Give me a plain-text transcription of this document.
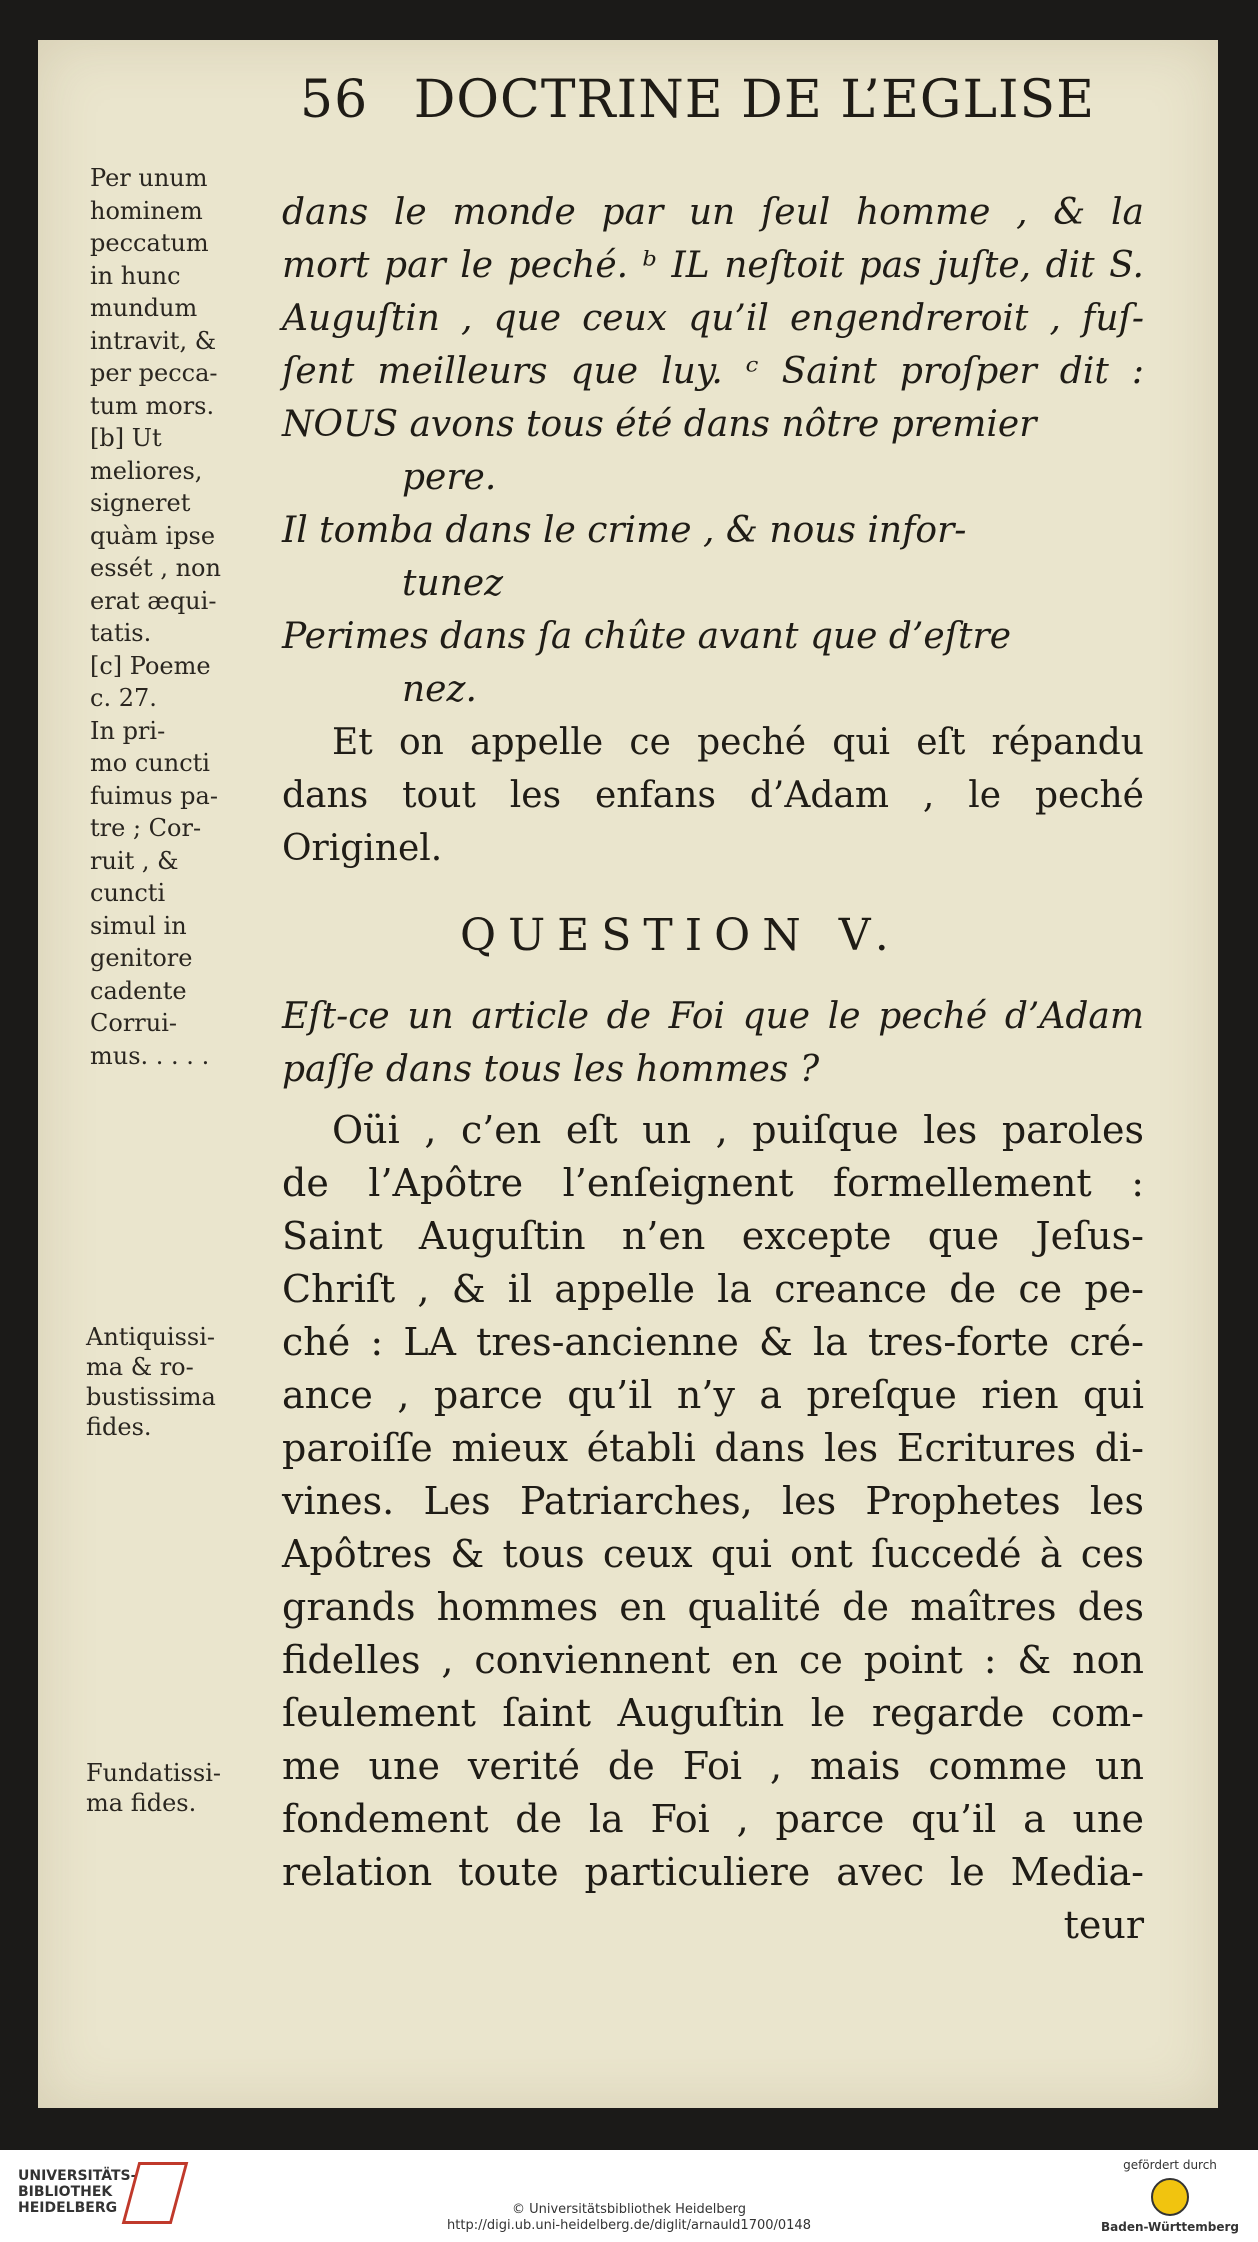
56 DOCTRINE DE L’EGLISE

Per unum
hominem
peccatum
in hunc
mundum
intravit, &
per pecca-
tum mors.
[b] Ut
meliores,
signeret
quàm ipse
essét , non
erat æqui-
tatis.
[c] Poeme
c. 27.
In pri-
mo cuncti
fuimus pa-
tre ; Cor-
ruit , &
cuncti
simul in
genitore
cadente
Corrui-
mus. . . . .

Antiquissi-
ma & ro-
bustissima
fides.
Fundatissi-
ma fides.
dans le monde par un ſeul homme , & la
mort par le peché. ᵇ IL neſtoit pas juſte, dit S.
Auguſtin , que ceux qu’il engendreroit , fuſ-
ſent meilleurs que luy. ᶜ Saint proſper dit :
NOUS avons tous été dans nôtre premier
pere.
Il tomba dans le crime , & nous infor-
tunez
Perimes dans ſa chûte avant que d’eſtre
nez.
Et on appelle ce peché qui eſt répandu
dans tout les enfans d’Adam , le peché
Originel.
QUESTION V.
Eſt-ce un article de Foi que le peché d’Adam
paſſe dans tous les hommes ?
Oüi , c’en eſt un , puiſque les paroles
de l’Apôtre l’enſeignent formellement :
Saint Auguſtin n’en excepte que Jeſus-
Chriſt , & il appelle la creance de ce pe-
ché : LA tres-ancienne & la tres-forte cré-
ance , parce qu’il n’y a preſque rien qui
paroiſſe mieux établi dans les Ecritures di-
vines. Les Patriarches, les Prophetes les
Apôtres & tous ceux qui ont ſuccedé à ces
grands hommes en qualité de maîtres des
fidelles , conviennent en ce point : & non
ſeulement ſaint Auguſtin le regarde com-
me une verité de Foi , mais comme un
fondement de la Foi , parce qu’il a une
relation toute particuliere avec le Media-
teur
UNIVERSITÄTS-
BIBLIOTHEK
HEIDELBERG	© Universitätsbibliothek Heidelberg
http://digi.ub.uni-heidelberg.de/diglit/arnauld1700/0148
gefördert durch
Baden-Württemberg
